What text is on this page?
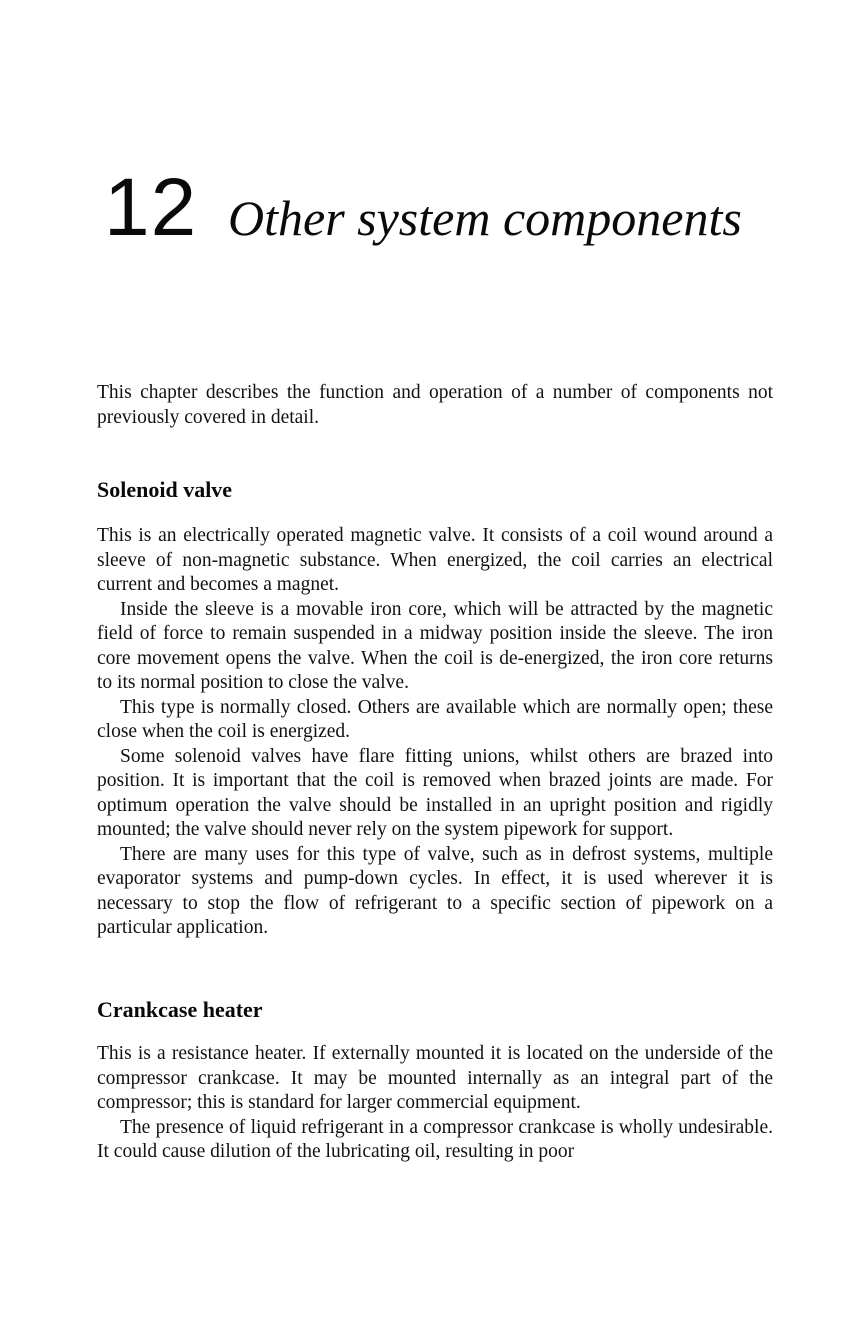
12 Other system components

This chapter describes the function and operation of a number of components not previously covered in detail.

Solenoid valve

This is an electrically operated magnetic valve. It consists of a coil wound around a sleeve of non-magnetic substance. When energized, the coil carries an electrical current and becomes a magnet.

Inside the sleeve is a movable iron core, which will be attracted by the magnetic field of force to remain suspended in a midway position inside the sleeve. The iron core movement opens the valve. When the coil is de-energized, the iron core returns to its normal position to close the valve.

This type is normally closed. Others are available which are normally open; these close when the coil is energized.

Some solenoid valves have flare fitting unions, whilst others are brazed into position. It is important that the coil is removed when brazed joints are made. For optimum operation the valve should be installed in an upright position and rigidly mounted; the valve should never rely on the system pipework for support.

There are many uses for this type of valve, such as in defrost systems, multiple evaporator systems and pump-down cycles. In effect, it is used wherever it is necessary to stop the flow of refrigerant to a specific section of pipework on a particular application.

Crankcase heater

This is a resistance heater. If externally mounted it is located on the underside of the compressor crankcase. It may be mounted internally as an integral part of the compressor; this is standard for larger commercial equipment.

The presence of liquid refrigerant in a compressor crankcase is wholly undesirable. It could cause dilution of the lubricating oil, resulting in poor
